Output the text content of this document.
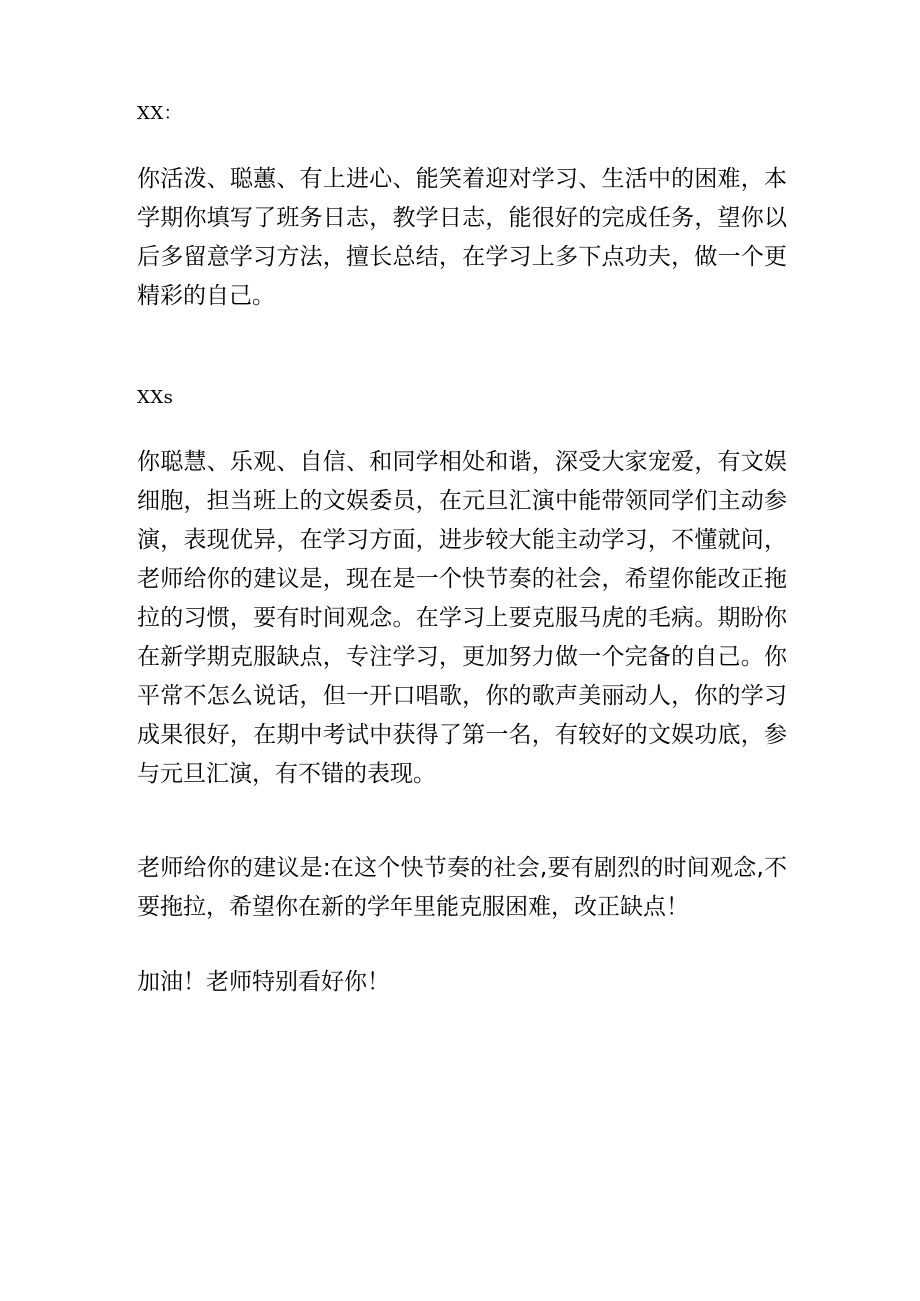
XX：
你活泼、聪蕙、有上进心、能笑着迎对学习、生活中的困难，本学期你填写了班务日志，教学日志，能很好的完成任务，望你以后多留意学习方法，擅长总结，在学习上多下点功夫，做一个更精彩的自己。
XXs
你聪慧、乐观、自信、和同学相处和谐，深受大家宠爱，有文娱细胞，担当班上的文娱委员，在元旦汇演中能带领同学们主动参演，表现优异，在学习方面，进步较大能主动学习，不懂就问，老师给你的建议是，现在是一个快节奏的社会，希望你能改正拖拉的习惯，要有时间观念。在学习上要克服马虎的毛病。期盼你在新学期克服缺点，专注学习，更加努力做一个完备的自己。你平常不怎么说话，但一开口唱歌，你的歌声美丽动人，你的学习成果很好，在期中考试中获得了第一名，有较好的文娱功底，参与元旦汇演，有不错的表现。
老师给你的建议是:在这个快节奏的社会,要有剧烈的时间观念,不要拖拉，希望你在新的学年里能克服困难，改正缺点！
加油！老师特别看好你！
